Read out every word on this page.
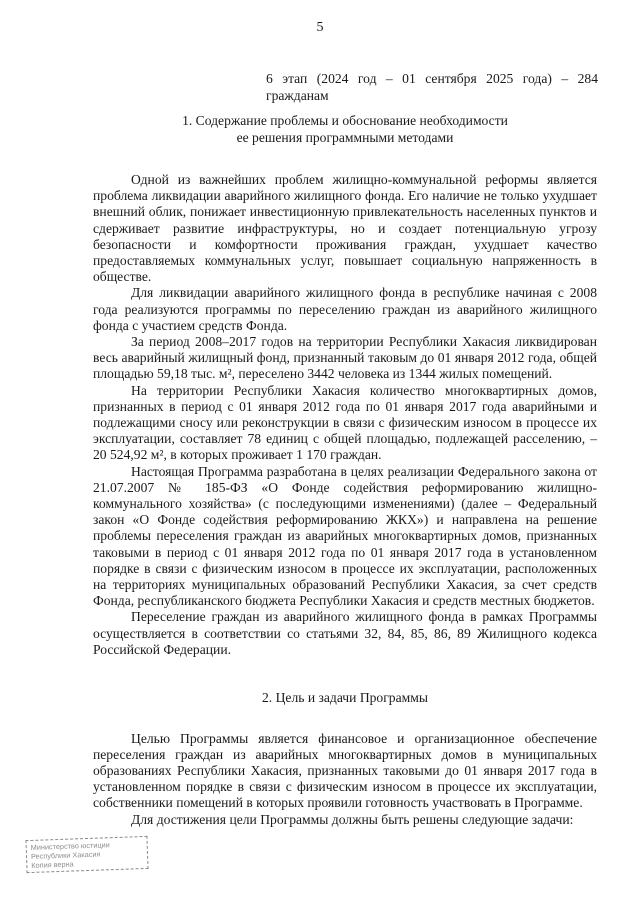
5
6 этап (2024 год – 01 сентября 2025 года) – 284 гражданам
1. Содержание проблемы и обоснование необходимости
ее решения программными методами

Одной из важнейших проблем жилищно-коммунальной реформы является проблема ликвидации аварийного жилищного фонда. Его наличие не только ухудшает внешний облик, понижает инвестиционную привлекательность населенных пунктов и сдерживает развитие инфраструктуры, но и создает потенциальную угрозу безопасности и комфортности проживания граждан, ухудшает качество предоставляемых коммунальных услуг, повышает социальную напряженность в обществе.

Для ликвидации аварийного жилищного фонда в республике начиная с 2008 года реализуются программы по переселению граждан из аварийного жилищного фонда с участием средств Фонда.

За период 2008–2017 годов на территории Республики Хакасия ликвидирован весь аварийный жилищный фонд, признанный таковым до 01 января 2012 года, общей площадью 59,18 тыс. м², переселено 3442 человека из 1344 жилых помещений.

На территории Республики Хакасия количество многоквартирных домов, признанных в период с 01 января 2012 года по 01 января 2017 года аварийными и подлежащими сносу или реконструкции в связи с физическим износом в процессе их эксплуатации, составляет 78 единиц с общей площадью, подлежащей расселению, – 20 524,92 м², в которых проживает 1 170 граждан.

Настоящая Программа разработана в целях реализации Федерального закона от 21.07.2007 № 185-ФЗ «О Фонде содействия реформированию жилищно-коммунального хозяйства» (с последующими изменениями) (далее – Федеральный закон «О Фонде содействия реформированию ЖКХ») и направлена на решение проблемы переселения граждан из аварийных многоквартирных домов, признанных таковыми в период с 01 января 2012 года по 01 января 2017 года в установленном порядке в связи с физическим износом в процессе их эксплуатации, расположенных на территориях муниципальных образований Республики Хакасия, за счет средств Фонда, республиканского бюджета Республики Хакасия и средств местных бюджетов.

Переселение граждан из аварийного жилищного фонда в рамках Программы осуществляется в соответствии со статьями 32, 84, 85, 86, 89 Жилищного кодекса Российской Федерации.

2. Цель и задачи Программы

Целью Программы является финансовое и организационное обеспечение переселения граждан из аварийных многоквартирных домов в муниципальных образованиях Республики Хакасия, признанных таковыми до 01 января 2017 года в установленном порядке в связи с физическим износом в процессе их эксплуатации, собственники помещений в которых проявили готовность участвовать в Программе.

Для достижения цели Программы должны быть решены следующие задачи:

Министерство юстиции
Республики Хакасия
Копия верна
